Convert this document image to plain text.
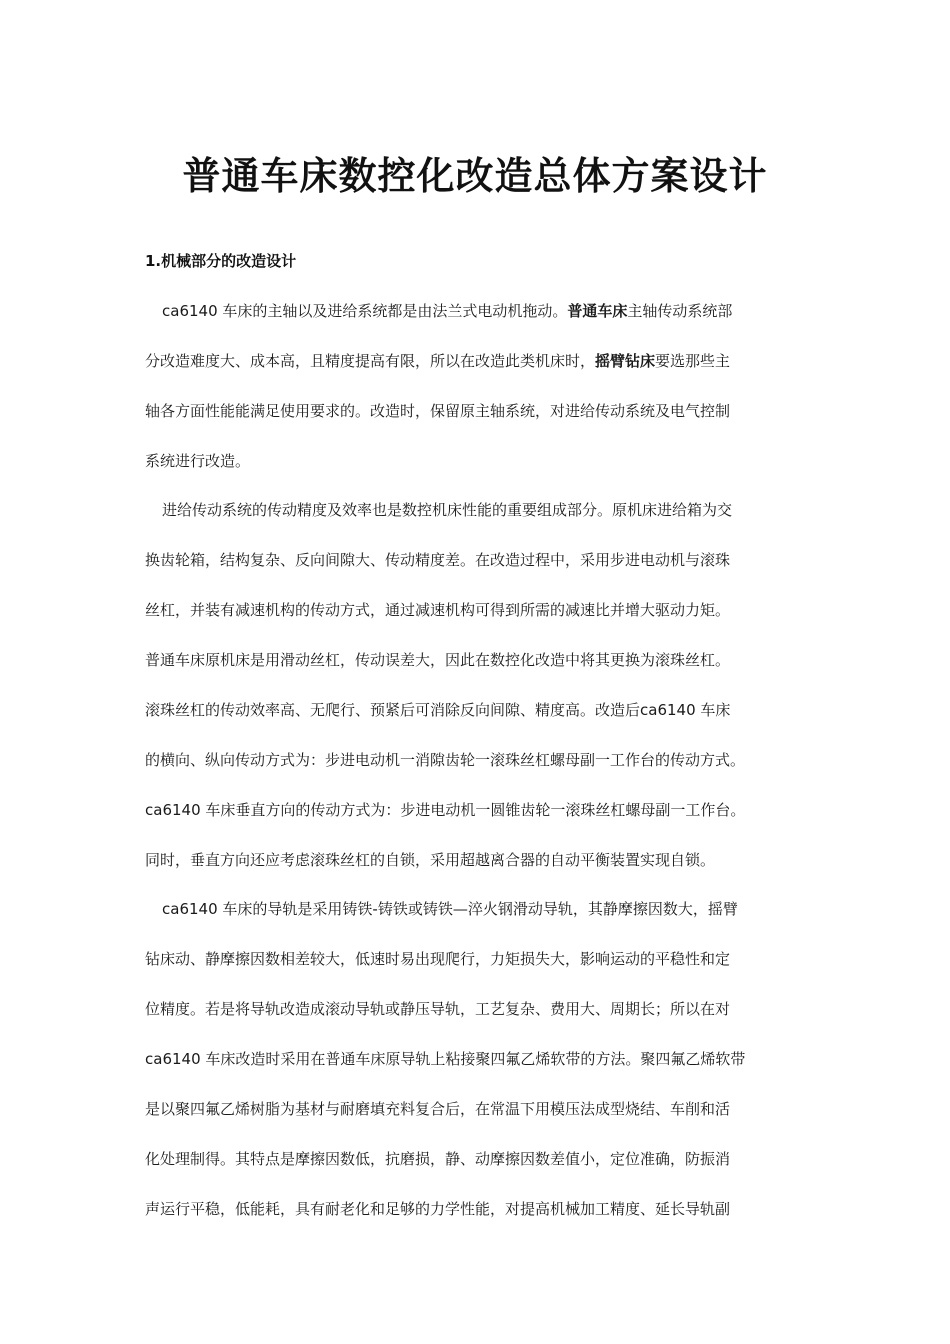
普通车床数控化改造总体方案设计
1.机械部分的改造设计

ca6140 车床的主轴以及进给系统都是由法兰式电动机拖动。普通车床主轴传动系统部

分改造难度大、成本高，且精度提高有限，所以在改造此类机床时，摇臂钻床要选那些主

轴各方面性能能满足使用要求的。改造时，保留原主轴系统，对进给传动系统及电气控制

系统进行改造。

进给传动系统的传动精度及效率也是数控机床性能的重要组成部分。原机床进给箱为交

换齿轮箱，结构复杂、反向间隙大、传动精度差。在改造过程中，采用步进电动机与滚珠

丝杠，并装有减速机构的传动方式，通过减速机构可得到所需的减速比并增大驱动力矩。

普通车床原机床是用滑动丝杠，传动误差大，因此在数控化改造中将其更换为滚珠丝杠。

滚珠丝杠的传动效率高、无爬行、预紧后可消除反向间隙、精度高。改造后ca6140 车床

的横向、纵向传动方式为：步进电动机一消隙齿轮一滚珠丝杠螺母副一工作台的传动方式。

ca6140 车床垂直方向的传动方式为：步进电动机一圆锥齿轮一滚珠丝杠螺母副一工作台。

同时，垂直方向还应考虑滚珠丝杠的自锁，采用超越离合器的自动平衡装置实现自锁。

ca6140 车床的导轨是采用铸铁-铸铁或铸铁—淬火钢滑动导轨，其静摩擦因数大，摇臂

钻床动、静摩擦因数相差较大，低速时易出现爬行，力矩损失大，影响运动的平稳性和定

位精度。若是将导轨改造成滚动导轨或静压导轨，工艺复杂、费用大、周期长；所以在对

ca6140 车床改造时采用在普通车床原导轨上粘接聚四氟乙烯软带的方法。聚四氟乙烯软带

是以聚四氟乙烯树脂为基材与耐磨填充料复合后，在常温下用模压法成型烧结、车削和活

化处理制得。其特点是摩擦因数低，抗磨损，静、动摩擦因数差值小，定位准确，防振消

声运行平稳，低能耗，具有耐老化和足够的力学性能，对提高机械加工精度、延长导轨副
